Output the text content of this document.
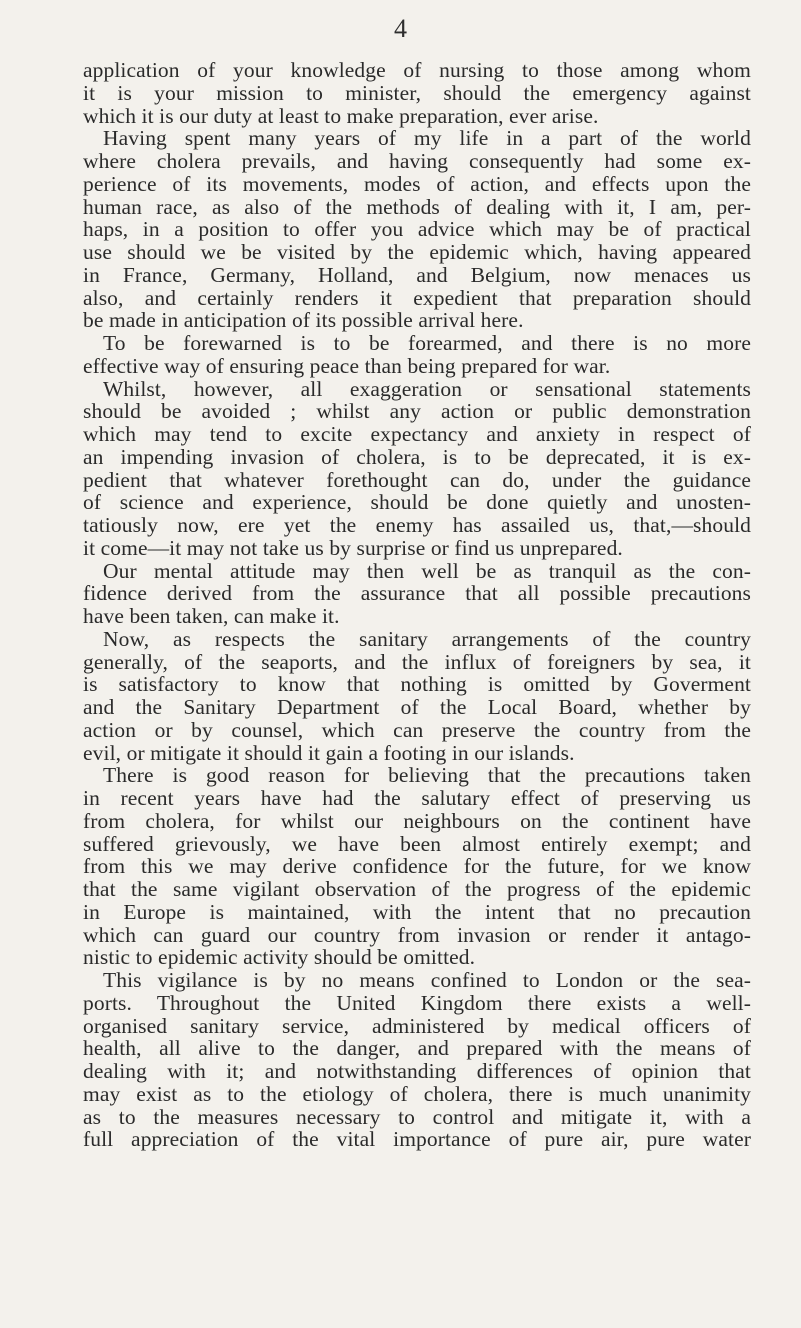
4
application of your knowledge of nursing to those among whom
it is your mission to minister, should the emergency against
which it is our duty at least to make preparation, ever arise.
Having spent many years of my life in a part of the world
where cholera prevails, and having consequently had some ex-
perience of its movements, modes of action, and effects upon the
human race, as also of the methods of dealing with it, I am, per-
haps, in a position to offer you advice which may be of practical
use should we be visited by the epidemic which, having appeared
in France, Germany, Holland, and Belgium, now menaces us
also, and certainly renders it expedient that preparation should
be made in anticipation of its possible arrival here.
To be forewarned is to be forearmed, and there is no more
effective way of ensuring peace than being prepared for war.
Whilst, however, all exaggeration or sensational statements
should be avoided ; whilst any action or public demonstration
which may tend to excite expectancy and anxiety in respect of
an impending invasion of cholera, is to be deprecated, it is ex-
pedient that whatever forethought can do, under the guidance
of science and experience, should be done quietly and unosten-
tatiously now, ere yet the enemy has assailed us, that,—should
it come—it may not take us by surprise or find us unprepared.
Our mental attitude may then well be as tranquil as the con-
fidence derived from the assurance that all possible precautions
have been taken, can make it.
Now, as respects the sanitary arrangements of the country
generally, of the seaports, and the influx of foreigners by sea, it
is satisfactory to know that nothing is omitted by Goverment
and the Sanitary Department of the Local Board, whether by
action or by counsel, which can preserve the country from the
evil, or mitigate it should it gain a footing in our islands.
There is good reason for believing that the precautions taken
in recent years have had the salutary effect of preserving us
from cholera, for whilst our neighbours on the continent have
suffered grievously, we have been almost entirely exempt; and
from this we may derive confidence for the future, for we know
that the same vigilant observation of the progress of the epidemic
in Europe is maintained, with the intent that no precaution
which can guard our country from invasion or render it antago-
nistic to epidemic activity should be omitted.
This vigilance is by no means confined to London or the sea-
ports. Throughout the United Kingdom there exists a well-
organised sanitary service, administered by medical officers of
health, all alive to the danger, and prepared with the means of
dealing with it; and notwithstanding differences of opinion that
may exist as to the etiology of cholera, there is much unanimity
as to the measures necessary to control and mitigate it, with a
full appreciation of the vital importance of pure air, pure water
